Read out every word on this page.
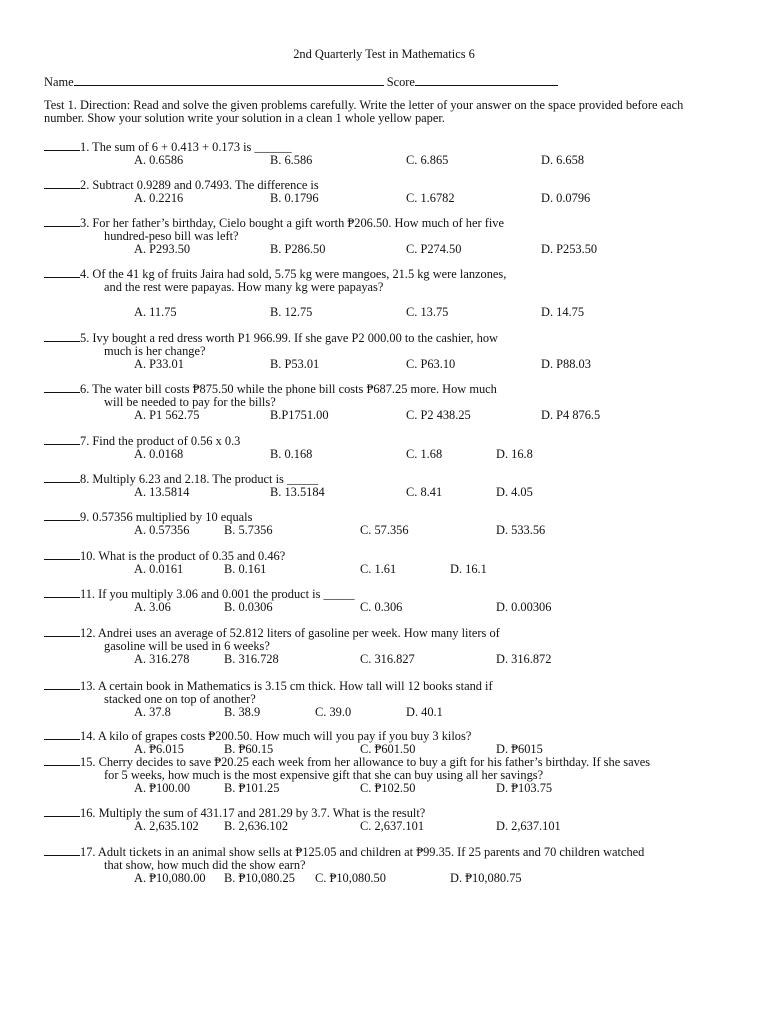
2nd Quarterly Test in Mathematics 6
Name	Score
Test 1. Direction: Read and solve the given problems carefully. Write the letter of your answer on the space provided before each number. Show your solution write your solution in a clean 1 whole yellow paper.
1. The sum of 6 + 0.413 + 0.173 is ______
A. 0.6586	B. 6.586	C. 6.865	D. 6.658
2. Subtract 0.9289 and 0.7493. The difference is
A. 0.2216	B. 0.1796	C. 1.6782	D. 0.0796
3. For her father’s birthday, Cielo bought a gift worth ₱206.50. How much of her five
hundred-peso bill was left?
A. P293.50	B. P286.50	C. P274.50	D. P253.50
4. Of the 41 kg of fruits Jaira had sold, 5.75 kg were mangoes, 21.5 kg were lanzones,
and the rest were papayas. How many kg were papayas?
A. 11.75	B. 12.75	C. 13.75	D. 14.75
5. Ivy bought a red dress worth P1 966.99. If she gave P2 000.00 to the cashier, how
much is her change?
A. P33.01	B. P53.01	C. P63.10	D. P88.03
6. The water bill costs ₱875.50 while the phone bill costs ₱687.25 more. How much
will be needed to pay for the bills?
A. P1 562.75	B.P1751.00	C. P2 438.25	D. P4 876.5
7. Find the product of 0.56 x 0.3
A. 0.0168	B. 0.168	C. 1.68	D. 16.8
8. Multiply 6.23 and 2.18. The product is _____
A. 13.5814	B. 13.5184	C. 8.41	D. 4.05
9. 0.57356 multiplied by 10 equals
A. 0.57356	B. 5.7356	C. 57.356	D. 533.56
10. What is the product of 0.35 and 0.46?
A. 0.0161	B. 0.161	C. 1.61	D. 16.1
11. If you multiply 3.06 and 0.001 the product is _____
A. 3.06	B. 0.0306	C. 0.306	D. 0.00306
12. Andrei uses an average of 52.812 liters of gasoline per week. How many liters of
gasoline will be used in 6 weeks?
A. 316.278	B. 316.728	C. 316.827	D. 316.872
13. A certain book in Mathematics is 3.15 cm thick. How tall will 12 books stand if
stacked one on top of another?
A. 37.8	B. 38.9	C. 39.0	D. 40.1
14. A kilo of grapes costs ₱200.50. How much will you pay if you buy 3 kilos?
A. ₱6.015	B. ₱60.15	C. ₱601.50	D. ₱6015
15. Cherry decides to save ₱20.25 each week from her allowance to buy a gift for his father’s birthday. If she saves
for 5 weeks, how much is the most expensive gift that she can buy using all her savings?
A. ₱100.00	B. ₱101.25	C. ₱102.50	D. ₱103.75
16. Multiply the sum of 431.17 and 281.29 by 3.7. What is the result?
A. 2,635.102 B. 2,636.102	C. 2,637.101	D. 2,637.101
17. Adult tickets in an animal show sells at ₱125.05 and children at ₱99.35. If 25 parents and 70 children watched
that show, how much did the show earn?
A. ₱10,080.00 B. ₱10,080.25 C. ₱10,080.50	D. ₱10,080.75
